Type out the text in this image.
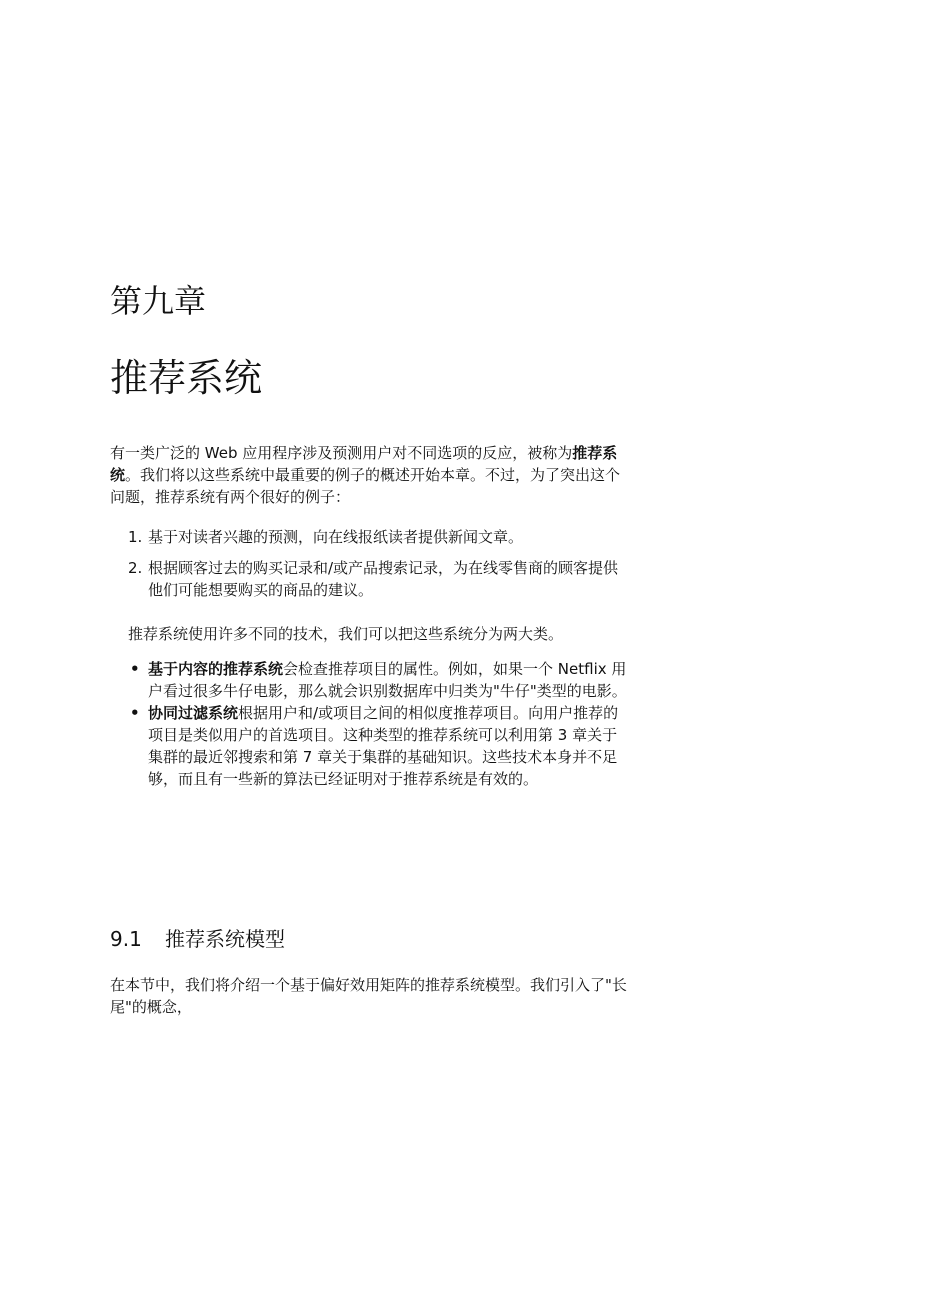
第九章
推荐系统

有一类广泛的 Web 应用程序涉及预测用户对不同选项的反应，被称为推荐系统。我们将以这些系统中最重要的例子的概述开始本章。不过，为了突出这个问题，推荐系统有两个很好的例子：

1. 基于对读者兴趣的预测，向在线报纸读者提供新闻文章。
2. 根据顾客过去的购买记录和/或产品搜索记录，为在线零售商的顾客提供他们可能想要购买的商品的建议。

推荐系统使用许多不同的技术，我们可以把这些系统分为两大类。

• 基于内容的推荐系统会检查推荐项目的属性。例如，如果一个 Netflix 用户看过很多牛仔电影，那么就会识别数据库中归类为"牛仔"类型的电影。
• 协同过滤系统根据用户和/或项目之间的相似度推荐项目。向用户推荐的项目是类似用户的首选项目。这种类型的推荐系统可以利用第 3 章关于集群的最近邻搜索和第 7 章关于集群的基础知识。这些技术本身并不足够，而且有一些新的算法已经证明对于推荐系统是有效的。
9.1 推荐系统模型

在本节中，我们将介绍一个基于偏好效用矩阵的推荐系统模型。我们引入了"长尾"的概念，
